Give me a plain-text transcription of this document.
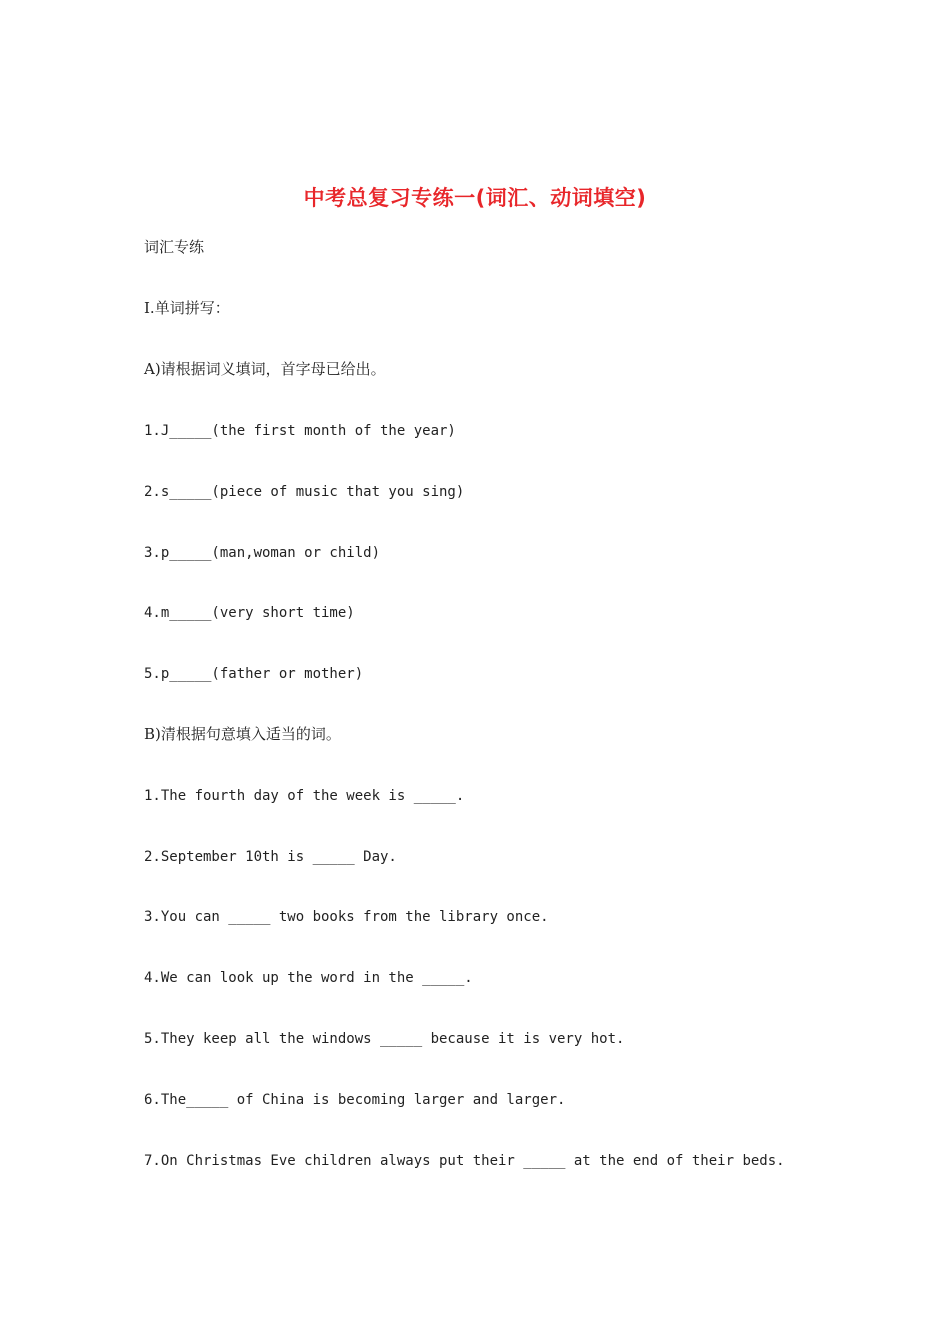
中考总复习专练一(词汇、动词填空)
词汇专练
I.单词拼写：
A)请根据词义填词，首字母已给出。
1.J_____(the first month of the year)
2.s_____(piece of music that you sing)
3.p_____(man,woman or child)
4.m_____(very short time)
5.p_____(father or mother)
B)清根据句意填入适当的词。
1.The fourth day of the week is _____.
2.September 10th is _____ Day.
3.You can _____ two books from the library once.
4.We can look up the word in the _____.
5.They keep all the windows _____ because it is very hot.
6.The_____ of China is becoming larger and larger.
7.On Christmas Eve children always put their _____ at the end of their beds.
